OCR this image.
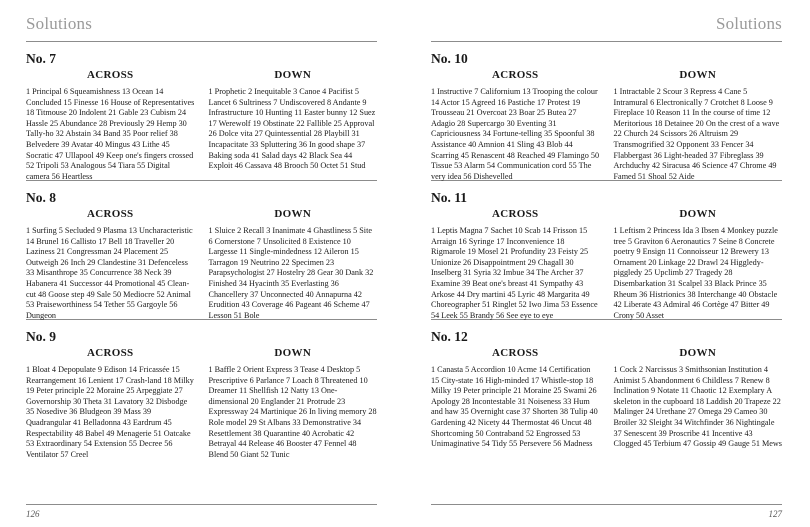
Solutions
No. 7
ACROSS
1 Principal 6 Squeamishness 13 Ocean 14 Concluded 15 Finesse 16 House of Representatives 18 Titmouse 20 Indolent 21 Gable 23 Cubism 24 Hassle 25 Abundance 28 Previously 29 Hemp 30 Tally-ho 32 Abstain 34 Band 35 Poor relief 38 Belvedere 39 Avatar 40 Mingus 43 Lithe 45 Socratic 47 Ullapool 49 Keep one's fingers crossed 52 Tripoli 53 Analogous 54 Tiara 55 Digital camera 56 Heartless
DOWN
1 Prophetic 2 Inequitable 3 Canoe 4 Pacifist 5 Lancet 6 Sultriness 7 Undiscovered 8 Andante 9 Infrastructure 10 Hunting 11 Easter bunny 12 Suez 17 Werewolf 19 Obstinate 22 Fallible 25 Approval 26 Dolce vita 27 Quintessential 28 Playbill 31 Incapacitate 33 Spluttering 36 In good shape 37 Baking soda 41 Salad days 42 Black Sea 44 Exploit 46 Cassava 48 Brooch 50 Octet 51 Stud
No. 8
ACROSS
1 Surfing 5 Secluded 9 Plasma 13 Uncharacteristic 14 Brunel 16 Callisto 17 Bell 18 Traveller 20 Laziness 21 Congressman 24 Placement 25 Outweigh 26 Inch 29 Clandestine 31 Defenceless 33 Misanthrope 35 Concurrence 38 Neck 39 Habanera 41 Successor 44 Promotional 45 Clean-cut 48 Goose step 49 Sale 50 Mediocre 52 Animal 53 Praiseworthiness 54 Tether 55 Gargoyle 56 Dungeon
DOWN
1 Sluice 2 Recall 3 Inanimate 4 Ghastliness 5 Site 6 Cornerstone 7 Unsolicited 8 Existence 10 Largesse 11 Single-mindedness 12 Aileron 15 Tarragon 19 Neutrino 22 Specimen 23 Parapsychologist 27 Hostelry 28 Gear 30 Dank 32 Finished 34 Hyacinth 35 Everlasting 36 Chancellery 37 Unconnected 40 Annapurna 42 Erudition 43 Coverage 46 Pageant 46 Scheme 47 Lesson 51 Bole
No. 9
ACROSS
1 Bloat 4 Depopulate 9 Edison 14 Fricassée 15 Rearrangement 16 Lenient 17 Crash-land 18 Milky 19 Peter principle 22 Moraine 25 Arpeggiate 27 Governorship 30 Theta 31 Lavatory 32 Disbodge 35 Nosedive 36 Bludgeon 39 Mass 39 Quadrangular 41 Belladonna 43 Eardrum 45 Respectability 48 Babel 49 Menagerie 51 Oatcake 53 Extraordinary 54 Extension 55 Decree 56 Ventilator 57 Creel
DOWN
1 Baffle 2 Orient Express 3 Tease 4 Desktop 5 Prescriptive 6 Parlance 7 Loach 8 Threatened 10 Dreamer 11 Shellfish 12 Natty 13 One-dimensional 20 Englander 21 Protrude 23 Expressway 24 Martinique 26 In living memory 28 Role model 29 St Albans 33 Demonstrative 34 Resettlement 38 Quarantine 40 Acrobatic 42 Betrayal 44 Release 46 Booster 47 Fennel 48 Blend 50 Giant 52 Tunic
126
Solutions
No. 10
ACROSS
1 Instructive 7 Californium 13 Trooping the colour 14 Actor 15 Agreed 16 Pastiche 17 Protest 19 Trousseau 21 Overcoat 23 Boar 25 Butea 27 Adagio 28 Supercargo 30 Eventing 31 Capriciousness 34 Fortune-telling 35 Spoonful 38 Assistance 40 Amnion 41 Sling 43 Blob 44 Scarring 45 Renascent 48 Reached 49 Flamingo 50 Tissue 53 Alarm 54 Communication cord 55 The very idea 56 Dishevelled
DOWN
1 Intractable 2 Scour 3 Repress 4 Cane 5 Intramural 6 Electronically 7 Crotchet 8 Loose 9 Fireplace 10 Reason 11 In the course of time 12 Meritorious 18 Detainee 20 On the crest of a wave 22 Church 24 Scissors 26 Altruism 29 Transmogrified 32 Opponent 33 Fencer 34 Flabbergast 36 Light-headed 37 Fibreglass 39 Archduchy 42 Siracusa 46 Science 47 Chrome 49 Famed 51 Shoal 52 Aide
No. 11
ACROSS
1 Leptis Magna 7 Sachet 10 Scab 14 Frisson 15 Arraign 16 Syringe 17 Inconvenience 18 Rigmarole 19 Mosel 21 Profundity 23 Feisty 25 Unionize 26 Disappointment 29 Chagall 30 Inselberg 31 Syria 32 Imbue 34 The Archer 37 Examine 39 Beat one's breast 41 Sympathy 43 Arkose 44 Dry martini 45 Lyric 48 Margarita 49 Choreographer 51 Ringlet 52 Iwo Jima 53 Essence 54 Leek 55 Brandy 56 See eye to eye
DOWN
1 Leftism 2 Princess Ida 3 Ibsen 4 Monkey puzzle tree 5 Graviton 6 Aeronautics 7 Seine 8 Concrete poetry 9 Ensign 11 Connoisseur 12 Brewery 13 Ornament 20 Linkage 22 Drawl 24 Higgledy-piggledy 25 Upclimb 27 Tragedy 28 Disembarkation 31 Scalpel 33 Black Prince 35 Rheum 36 Histrionics 38 Interchange 40 Obstacle 42 Liberate 43 Admiral 46 Cortège 47 Bitter 49 Crony 50 Asset
No. 12
ACROSS
1 Canasta 5 Accordion 10 Acme 14 Certification 15 City-state 16 High-minded 17 Whistle-stop 18 Milky 19 Peter principle 21 Moraine 25 Swami 26 Apology 28 Incontestable 31 Noiseness 33 Hum and haw 35 Overnight case 37 Shorten 38 Tulip 40 Gardening 42 Nicety 44 Thermostat 46 Uncut 48 Shortcoming 50 Contraband 52 Engrossed 53 Unimaginative 54 Tidy 55 Persevere 56 Madness
DOWN
1 Cock 2 Narcissus 3 Smithsonian Institution 4 Animist 5 Abandonment 6 Childless 7 Renew 8 Inclination 9 Notate 11 Chaotic 12 Exemplary A skeleton in the cupboard 18 Laddish 20 Trapeze 22 Malinger 24 Urethane 27 Omega 29 Cameo 30 Broiler 32 Sleight 34 Witchfinder 36 Nightingale 37 Senescent 39 Proscribe 41 Incentive 43 Clogged 45 Terbium 47 Gossip 49 Gauge 51 Mews
127
